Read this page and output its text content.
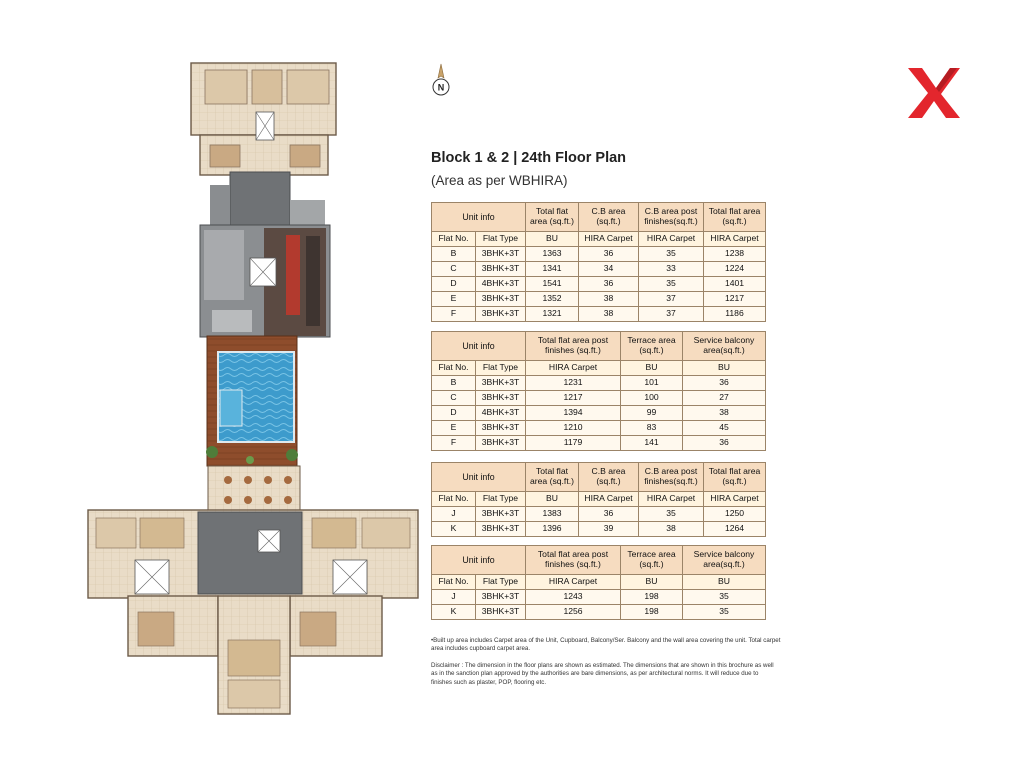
N
Block 1 & 2 | 24th Floor Plan
(Area as per WBHIRA)
Unit info		Total flat area (sq.ft.)	C.B area (sq.ft.)	C.B area post finishes(sq.ft.)	Total flat area (sq.ft.)
Flat No.	Flat Type	BU	HIRA Carpet	HIRA Carpet	HIRA Carpet
B	3BHK+3T	1363	36	35	1238
C	3BHK+3T	1341	34	33	1224
D	4BHK+3T	1541	36	35	1401
E	3BHK+3T	1352	38	37	1217
F	3BHK+3T	1321	38	37	1186
Unit info		Total flat area post finishes (sq.ft.)	Terrace area (sq.ft.)	Service balcony area(sq.ft.)
Flat No.	Flat Type	HIRA Carpet	BU	BU
B	3BHK+3T	1231	101	36
C	3BHK+3T	1217	100	27
D	4BHK+3T	1394	99	38
E	3BHK+3T	1210	83	45
F	3BHK+3T	1179	141	36
Unit info		Total flat area (sq.ft.)	C.B area (sq.ft.)	C.B area post finishes(sq.ft.)	Total flat area (sq.ft.)
Flat No.	Flat Type	BU	HIRA Carpet	HIRA Carpet	HIRA Carpet
J	3BHK+3T	1383	36	35	1250
K	3BHK+3T	1396	39	38	1264
Unit info		Total flat area post finishes (sq.ft.)	Terrace area (sq.ft.)	Service balcony area(sq.ft.)
Flat No.	Flat Type	HIRA Carpet	BU	BU
J	3BHK+3T	1243	198	35
K	3BHK+3T	1256	198	35

•Built up area includes Carpet area of the Unit, Cupboard, Balcony/Ser. Balcony and the wall area covering the unit. Total carpet area includes cupboard carpet area.

Disclaimer : The dimension in the floor plans are shown as estimated. The dimensions that are shown in this brochure as well as in the sanction plan approved by the authorities are bare dimensions, as per architectural norms. It will reduce due to finishes such as plaster, POP, flooring etc.
